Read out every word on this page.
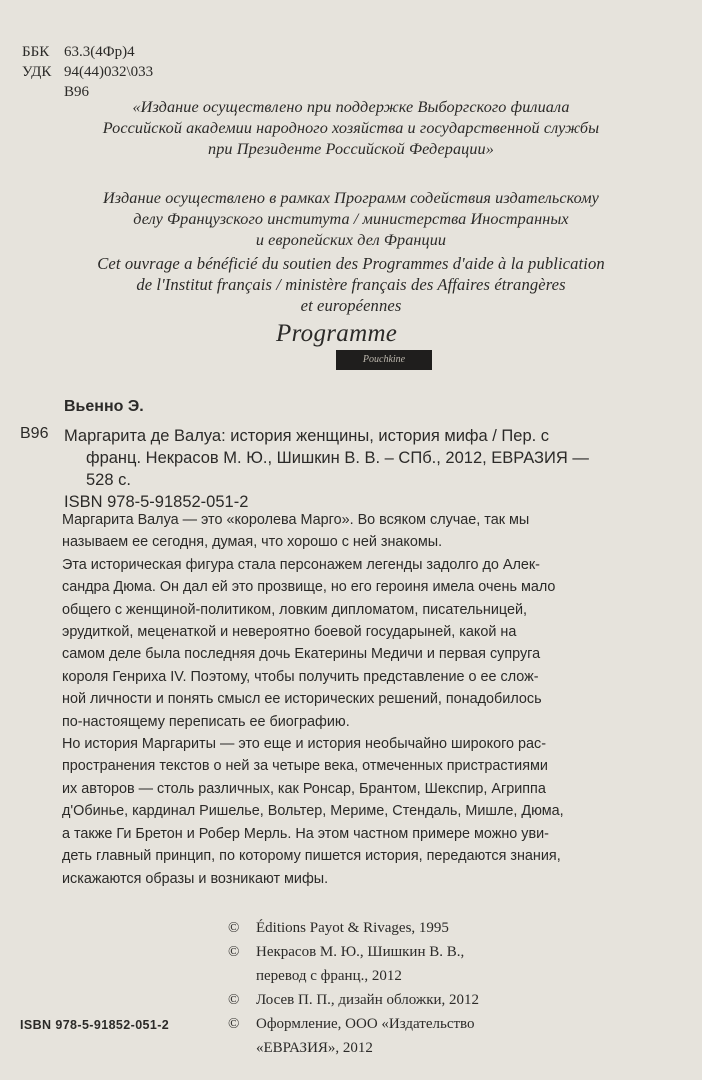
ББК 63.3(4Фр)4
УДК 94(44)032\033
В96
«Издание осуществлено при поддержке Выборгского филиала
Российской академии народного хозяйства и государственной службы
при Президенте Российской Федерации»
Издание осуществлено в рамках Программ содействия издательскому
делу Французского института / министерства Иностранных
и европейских дел Франции
Cet ouvrage a bénéficié du soutien des Programmes d'aide à la publication
de l'Institut français / ministère français des Affaires étrangères
et européennes
Programme
Pouchkine
Вьенно Э.
В96 Маргарита де Валуа: история женщины, история мифа / Пер. с
франц. Некрасов М. Ю., Шишкин В. В. – СПб., 2012, ЕВРАЗИЯ —
528 с.
ISBN 978-5-91852-051-2
Маргарита Валуа — это «королева Марго». Во всяком случае, так мы
называем ее сегодня, думая, что хорошо с ней знакомы.
Эта историческая фигура стала персонажем легенды задолго до Алек-
сандра Дюма. Он дал ей это прозвище, но его героиня имела очень мало
общего с женщиной-политиком, ловким дипломатом, писательницей,
эрудиткой, меценаткой и невероятно боевой государыней, какой на
самом деле была последняя дочь Екатерины Медичи и первая супруга
короля Генриха IV. Поэтому, чтобы получить представление о ее слож-
ной личности и понять смысл ее исторических решений, понадобилось
по-настоящему переписать ее биографию.
Но история Маргариты — это еще и история необычайно широкого рас-
пространения текстов о ней за четыре века, отмеченных пристрастиями
их авторов — столь различных, как Ронсар, Брантом, Шекспир, Агриппа
д'Обинье, кардинал Ришелье, Вольтер, Мериме, Стендаль, Мишле, Дюма,
а также Ги Бретон и Робер Мерль. На этом частном примере можно уви-
деть главный принцип, по которому пишется история, передаются знания,
искажаются образы и возникают мифы.
© Éditions Payot & Rivages, 1995
© Некрасов М. Ю., Шишкин В. В.,
перевод с франц., 2012
© Лосев П. П., дизайн обложки, 2012
© Оформление, ООО «Издательство
«ЕВРАЗИЯ», 2012
ISBN 978-5-91852-051-2
